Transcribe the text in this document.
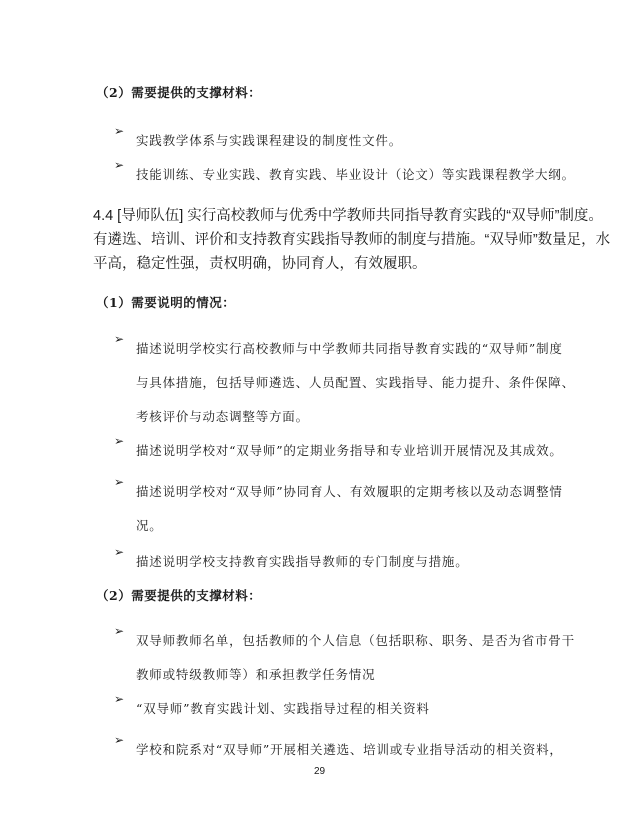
（2）需要提供的支撑材料：
➢
实践教学体系与实践课程建设的制度性文件。
➢
技能训练、专业实践、教育实践、毕业设计（论文）等实践课程教学大纲。
4.4 [导师队伍] 实行高校教师与优秀中学教师共同指导教育实践的“双导师”制度。
有遴选、培训、评价和支持教育实践指导教师的制度与措施。“双导师”数量足，水
平高，稳定性强，责权明确，协同育人，有效履职。
（1）需要说明的情况：
➢
描述说明学校实行高校教师与中学教师共同指导教育实践的“双导师”制度
与具体措施，包括导师遴选、人员配置、实践指导、能力提升、条件保障、
考核评价与动态调整等方面。
➢
描述说明学校对“双导师”的定期业务指导和专业培训开展情况及其成效。
➢
描述说明学校对“双导师”协同育人、有效履职的定期考核以及动态调整情
况。
➢
描述说明学校支持教育实践指导教师的专门制度与措施。
（2）需要提供的支撑材料：
➢
双导师教师名单，包括教师的个人信息（包括职称、职务、是否为省市骨干
教师或特级教师等）和承担教学任务情况
➢
“双导师”教育实践计划、实践指导过程的相关资料
➢
学校和院系对“双导师”开展相关遴选、培训或专业指导活动的相关资料，
29
